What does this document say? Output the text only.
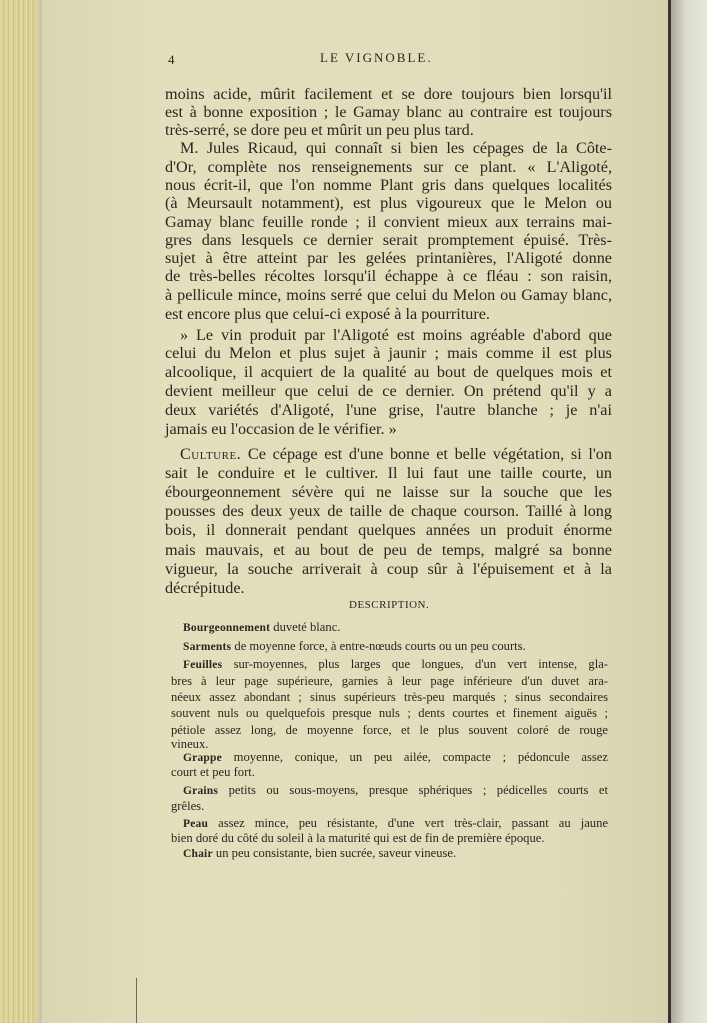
4	LE VIGNOBLE.
moins acide, mûrit facilement et se dore toujours bien lorsqu'il
est à bonne exposition ; le Gamay blanc au contraire est toujours
très-serré, se dore peu et mûrit un peu plus tard.
M. Jules Ricaud, qui connaît si bien les cépages de la Côte-
d'Or, complète nos renseignements sur ce plant. « L'Aligoté,
nous écrit-il, que l'on nomme Plant gris dans quelques localités
(à Meursault notamment), est plus vigoureux que le Melon ou
Gamay blanc feuille ronde ; il convient mieux aux terrains mai-
gres dans lesquels ce dernier serait promptement épuisé. Très-
sujet à être atteint par les gelées printanières, l'Aligoté donne
de très-belles récoltes lorsqu'il échappe à ce fléau : son raisin,
à pellicule mince, moins serré que celui du Melon ou Gamay blanc,
est encore plus que celui-ci exposé à la pourriture.
» Le vin produit par l'Aligoté est moins agréable d'abord que
celui du Melon et plus sujet à jaunir ; mais comme il est plus
alcoolique, il acquiert de la qualité au bout de quelques mois et
devient meilleur que celui de ce dernier. On prétend qu'il y a
deux variétés d'Aligoté, l'une grise, l'autre blanche ; je n'ai
jamais eu l'occasion de le vérifier. »
Culture. Ce cépage est d'une bonne et belle végétation, si l'on
sait le conduire et le cultiver. Il lui faut une taille courte, un
ébourgeonnement sévère qui ne laisse sur la souche que les
pousses des deux yeux de taille de chaque courson. Taillé à long
bois, il donnerait pendant quelques années un produit énorme
mais mauvais, et au bout de peu de temps, malgré sa bonne
vigueur, la souche arriverait à coup sûr à l'épuisement et à la
décrépitude.
DESCRIPTION.
Bourgeonnement duveté blanc.
Sarments de moyenne force, à entre-nœuds courts ou un peu courts.
Feuilles sur-moyennes, plus larges que longues, d'un vert intense, gla-
bres à leur page supérieure, garnies à leur page inférieure d'un duvet ara-
néeux assez abondant ; sinus supérieurs très-peu marqués ; sinus secondaires
souvent nuls ou quelquefois presque nuls ; dents courtes et finement aiguës ;
pétiole assez long, de moyenne force, et le plus souvent coloré de rouge
vineux.
Grappe moyenne, conique, un peu ailée, compacte ; pédoncule assez
court et peu fort.
Grains petits ou sous-moyens, presque sphériques ; pédicelles courts et
grêles.
Peau assez mince, peu résistante, d'une vert très-clair, passant au jaune
bien doré du côté du soleil à la maturité qui est de fin de première époque.
Chair un peu consistante, bien sucrée, saveur vineuse.
